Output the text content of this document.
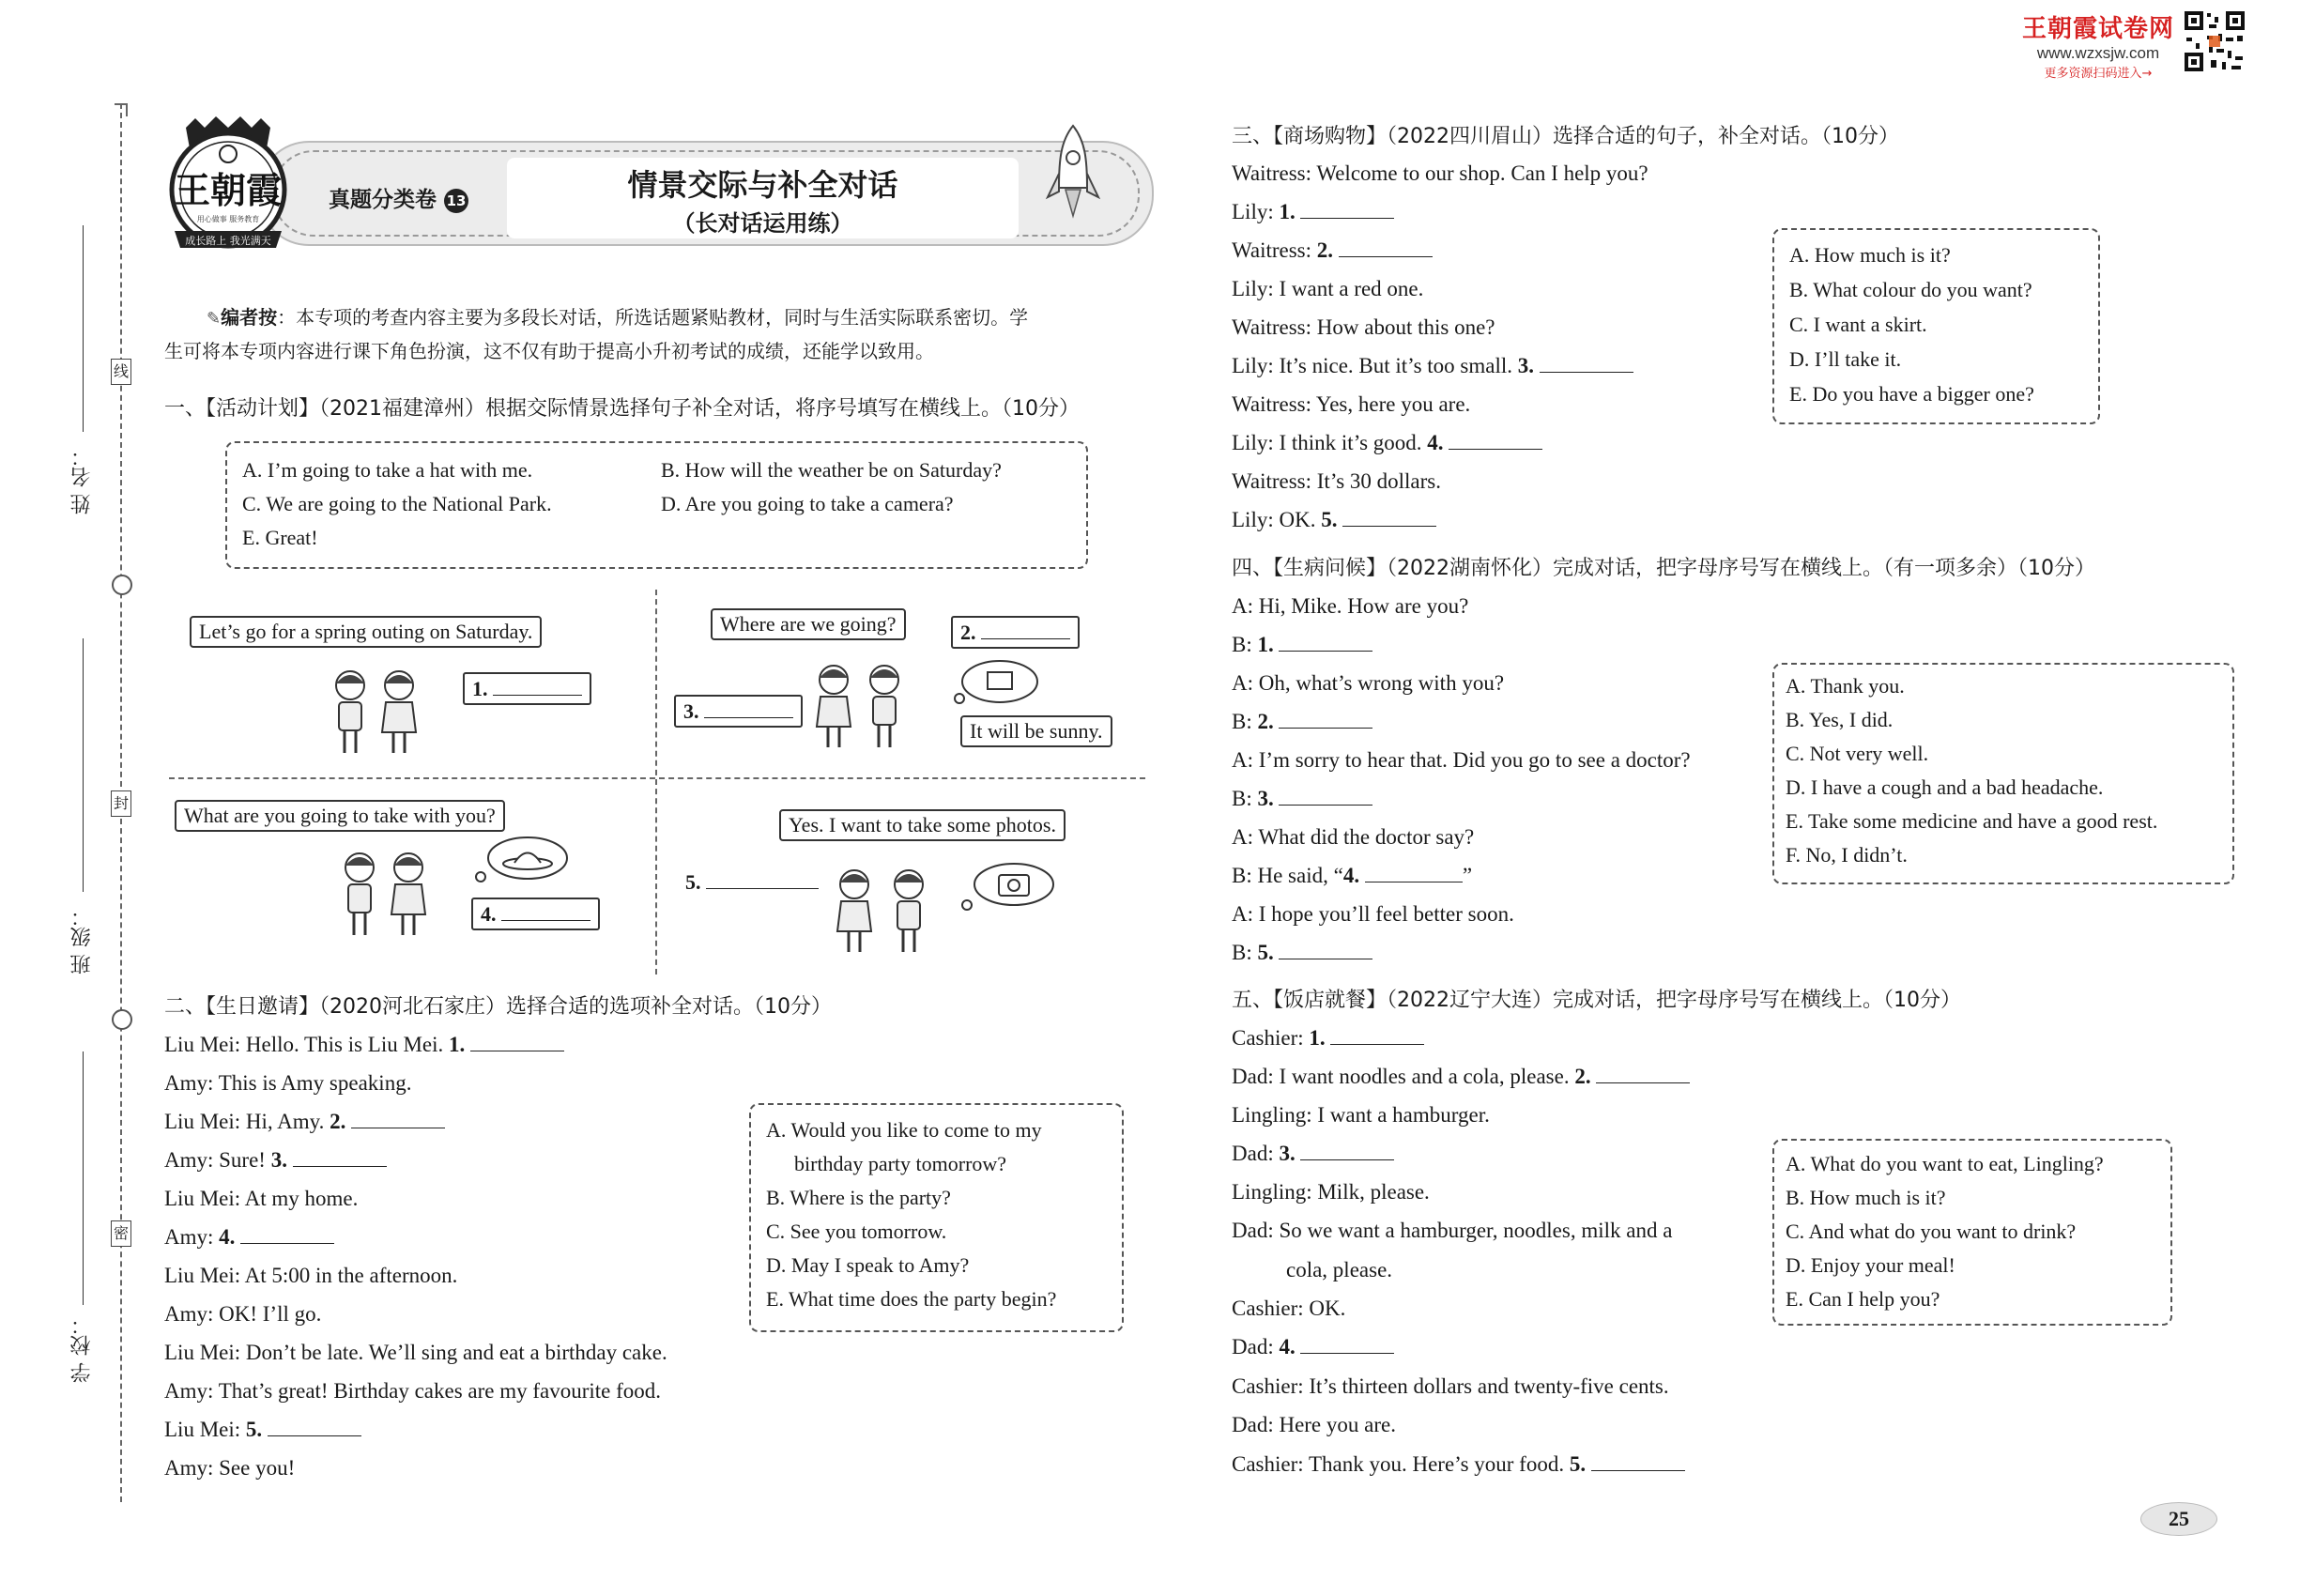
姓 名：
班 级：
学 校：
线
封
密
王朝霞试卷网
www.wzxsjw.com
更多资源扫码进入→
真题分类卷 13	情景交际与补全对话
（长对话运用练）
王朝霞
用心做事 服务教育
成长路上 我光满天
✎编者按：本专项的考查内容主要为多段长对话，所选话题紧贴教材，同时与生活实际联系密切。学
生可将本专项内容进行课下角色扮演，这不仅有助于提高小升初考试的成绩，还能学以致用。
一、【活动计划】（2021福建漳州）根据交际情景选择句子补全对话，将序号填写在横线上。（10分）
A. I’m going to take a hat with me.	B. How will the weather be on Saturday?
C. We are going to the National Park.	D. Are you going to take a camera?
E. Great!
Let’s go for a spring outing on Saturday.
1.
Where are we going?	2.
3.
It will be sunny.
What are you going to take with you?
4.
Yes. I want to take some photos.
5.
二、【生日邀请】（2020河北石家庄）选择合适的选项补全对话。（10分）
Liu Mei: Hello. This is Liu Mei. 1.
Amy: This is Amy speaking.
Liu Mei: Hi, Amy. 2.
Amy: Sure! 3.
Liu Mei: At my home.
Amy: 4.
Liu Mei: At 5:00 in the afternoon.
Amy: OK! I’ll go.
Liu Mei: Don’t be late. We’ll sing and eat a birthday cake.
Amy: That’s great! Birthday cakes are my favourite food.
Liu Mei: 5.
Amy: See you!
A. Would you like to come to my
birthday party tomorrow?
B. Where is the party?
C. See you tomorrow.
D. May I speak to Amy?
E. What time does the party begin?
三、【商场购物】（2022四川眉山）选择合适的句子，补全对话。（10分）
Waitress: Welcome to our shop. Can I help you?
Lily: 1.
Waitress: 2.
Lily: I want a red one.
Waitress: How about this one?
Lily: It’s nice. But it’s too small. 3.
Waitress: Yes, here you are.
Lily: I think it’s good. 4.
Waitress: It’s 30 dollars.
Lily: OK. 5.
A. How much is it?
B. What colour do you want?
C. I want a skirt.
D. I’ll take it.
E. Do you have a bigger one?
四、【生病问候】（2022湖南怀化）完成对话，把字母序号写在横线上。（有一项多余）（10分）
A: Hi, Mike. How are you?
B: 1.
A: Oh, what’s wrong with you?
B: 2.
A: I’m sorry to hear that. Did you go to see a doctor?
B: 3.
A: What did the doctor say?
B: He said, “4.	”
A: I hope you’ll feel better soon.
B: 5.
A. Thank you.
B. Yes, I did.
C. Not very well.
D. I have a cough and a bad headache.
E. Take some medicine and have a good rest.
F. No, I didn’t.
五、【饭店就餐】（2022辽宁大连）完成对话，把字母序号写在横线上。（10分）
Cashier: 1.
Dad: I want noodles and a cola, please. 2.
Lingling: I want a hamburger.
Dad: 3.
Lingling: Milk, please.
Dad: So we want a hamburger, noodles, milk and a
cola, please.
Cashier: OK.
Dad: 4.
Cashier: It’s thirteen dollars and twenty-five cents.
Dad: Here you are.
Cashier: Thank you. Here’s your food. 5.
A. What do you want to eat, Lingling?
B. How much is it?
C. And what do you want to drink?
D. Enjoy your meal!
E. Can I help you?
25
